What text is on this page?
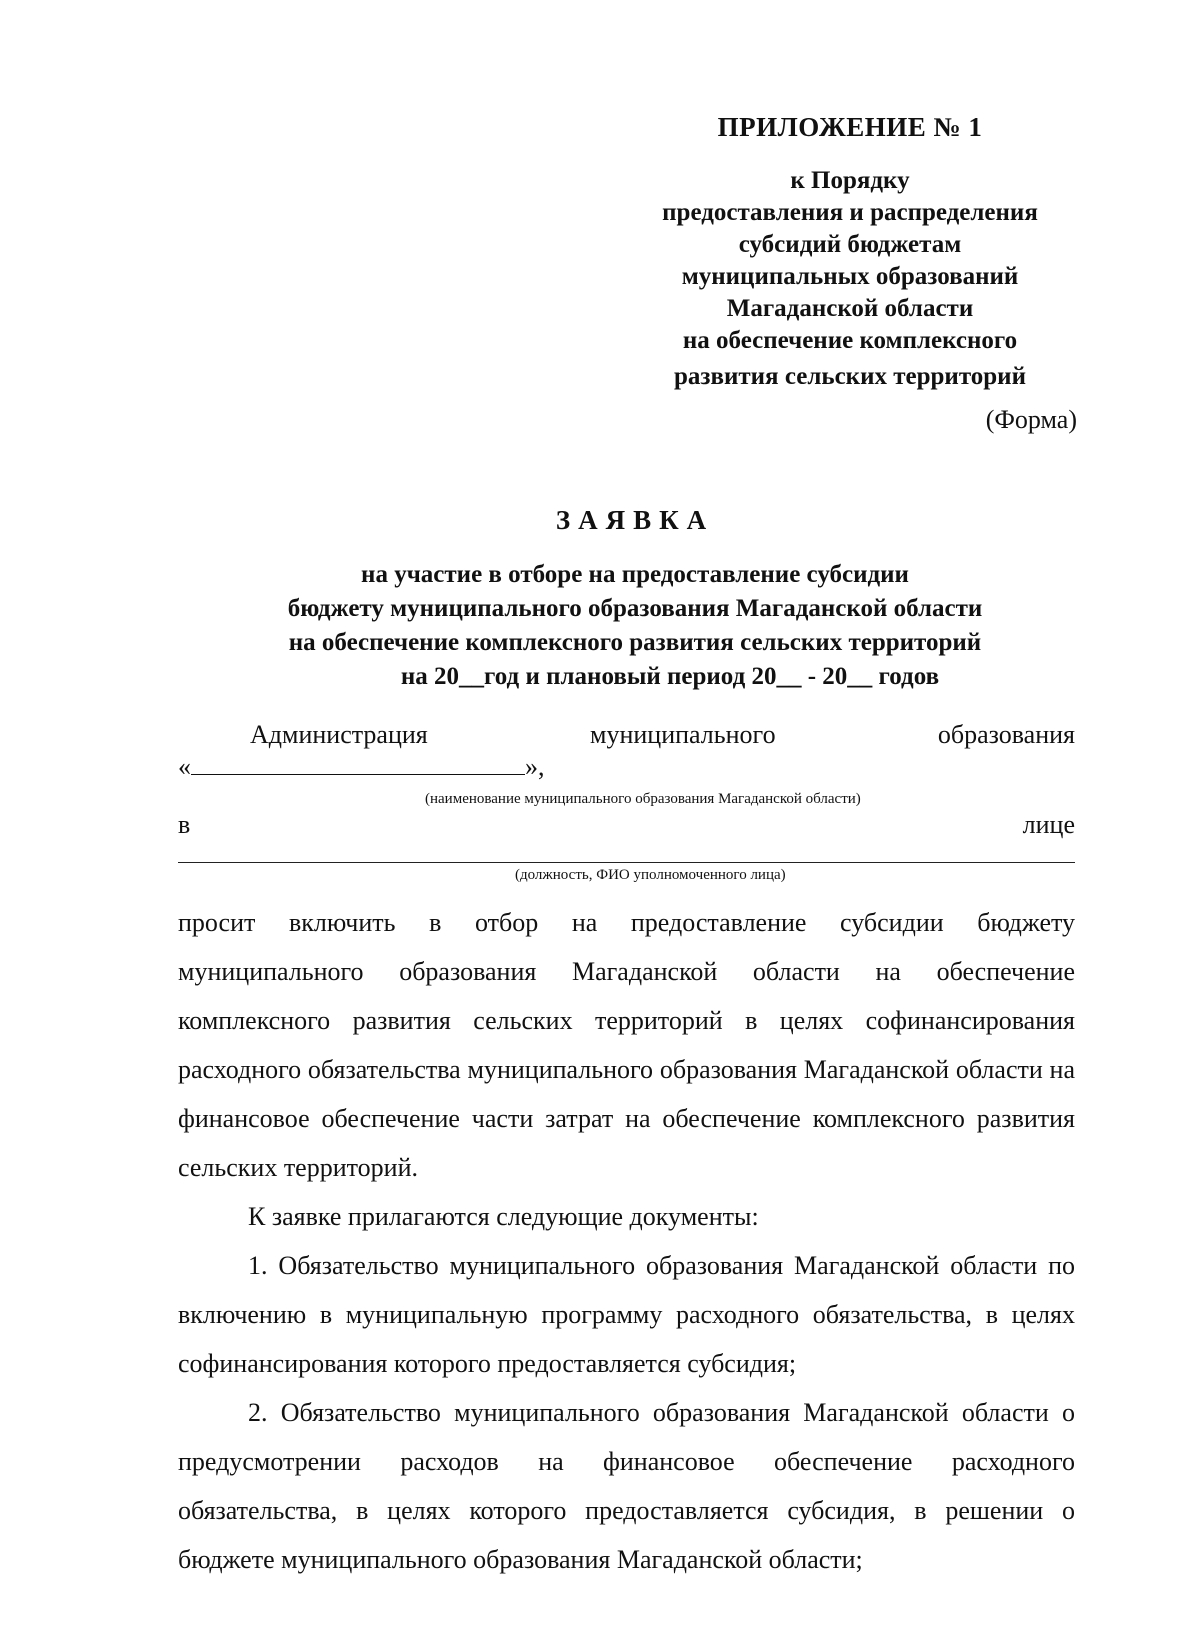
ПРИЛОЖЕНИЕ № 1
к Порядку
предоставления и распределения
субсидий бюджетам
муниципальных образований
Магаданской области
на обеспечение комплексного
развития сельских территорий
(Форма)
ЗАЯВКА
на участие в отборе на предоставление субсидии
бюджету муниципального образования Магаданской области
на обеспечение комплексного развития сельских территорий
на 20__год и плановый период 20__ - 20__ годов
Администрация	муниципального	образования
«	»,
(наименование муниципального образования Магаданской области)
в	лице
(должность, ФИО уполномоченного лица)

просит включить в отбор на предоставление субсидии бюджету муниципального образования Магаданской области на обеспечение комплексного развития сельских территорий в целях софинансирования расходного обязательства муниципального образования Магаданской области на финансовое обеспечение части затрат на обеспечение комплексного развития сельских территорий.

К заявке прилагаются следующие документы:

1. Обязательство муниципального образования Магаданской области по включению в муниципальную программу расходного обязательства, в целях софинансирования которого предоставляется субсидия;

2. Обязательство муниципального образования Магаданской области о предусмотрении расходов на финансовое обеспечение расходного обязательства, в целях которого предоставляется субсидия, в решении о бюджете муниципального образования Магаданской области;
